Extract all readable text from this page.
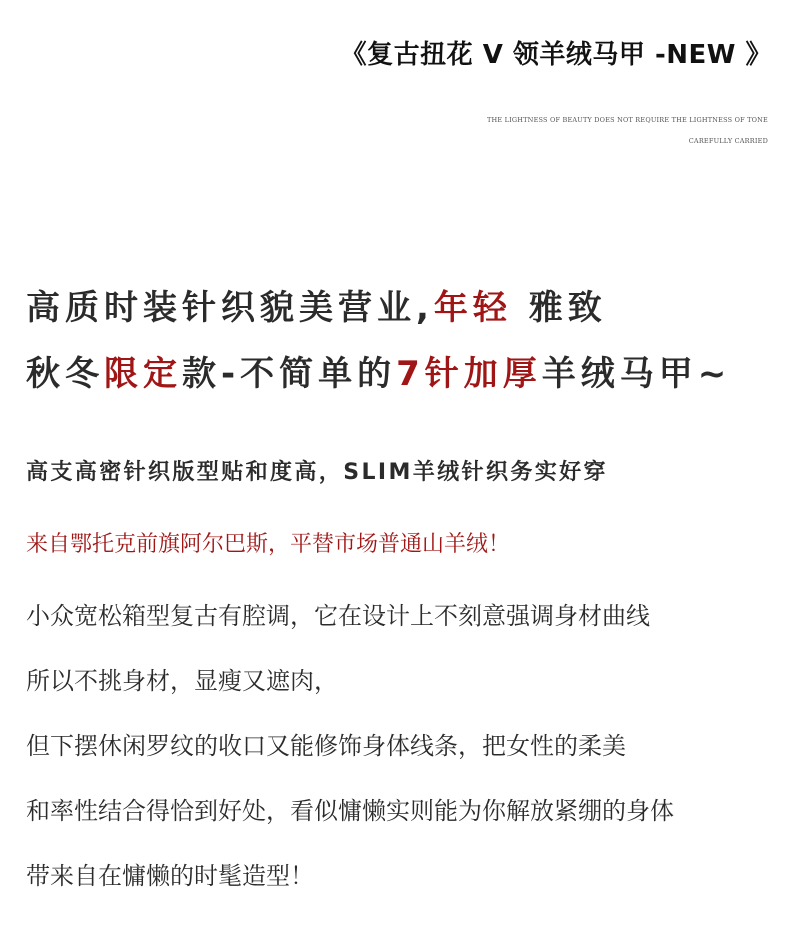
《复古扭花 V 领羊绒马甲 -NEW 》
THE LIGHTNESS OF BEAUTY DOES NOT REQUIRE THE LIGHTNESS OF TONE
CAREFULLY CARRIED
高质时装针织貌美营业,年轻 雅致
秋冬限定款-不简单的7针加厚羊绒马甲~
高支高密针织版型贴和度高，SLIM羊绒针织务实好穿
来自鄂托克前旗阿尔巴斯，平替市场普通山羊绒！
小众宽松箱型复古有腔调，它在设计上不刻意强调身材曲线
所以不挑身材，显瘦又遮肉，
但下摆休闲罗纹的收口又能修饰身体线条，把女性的柔美
和率性结合得恰到好处，看似慵懒实则能为你解放紧绷的身体
带来自在慵懒的时髦造型！
